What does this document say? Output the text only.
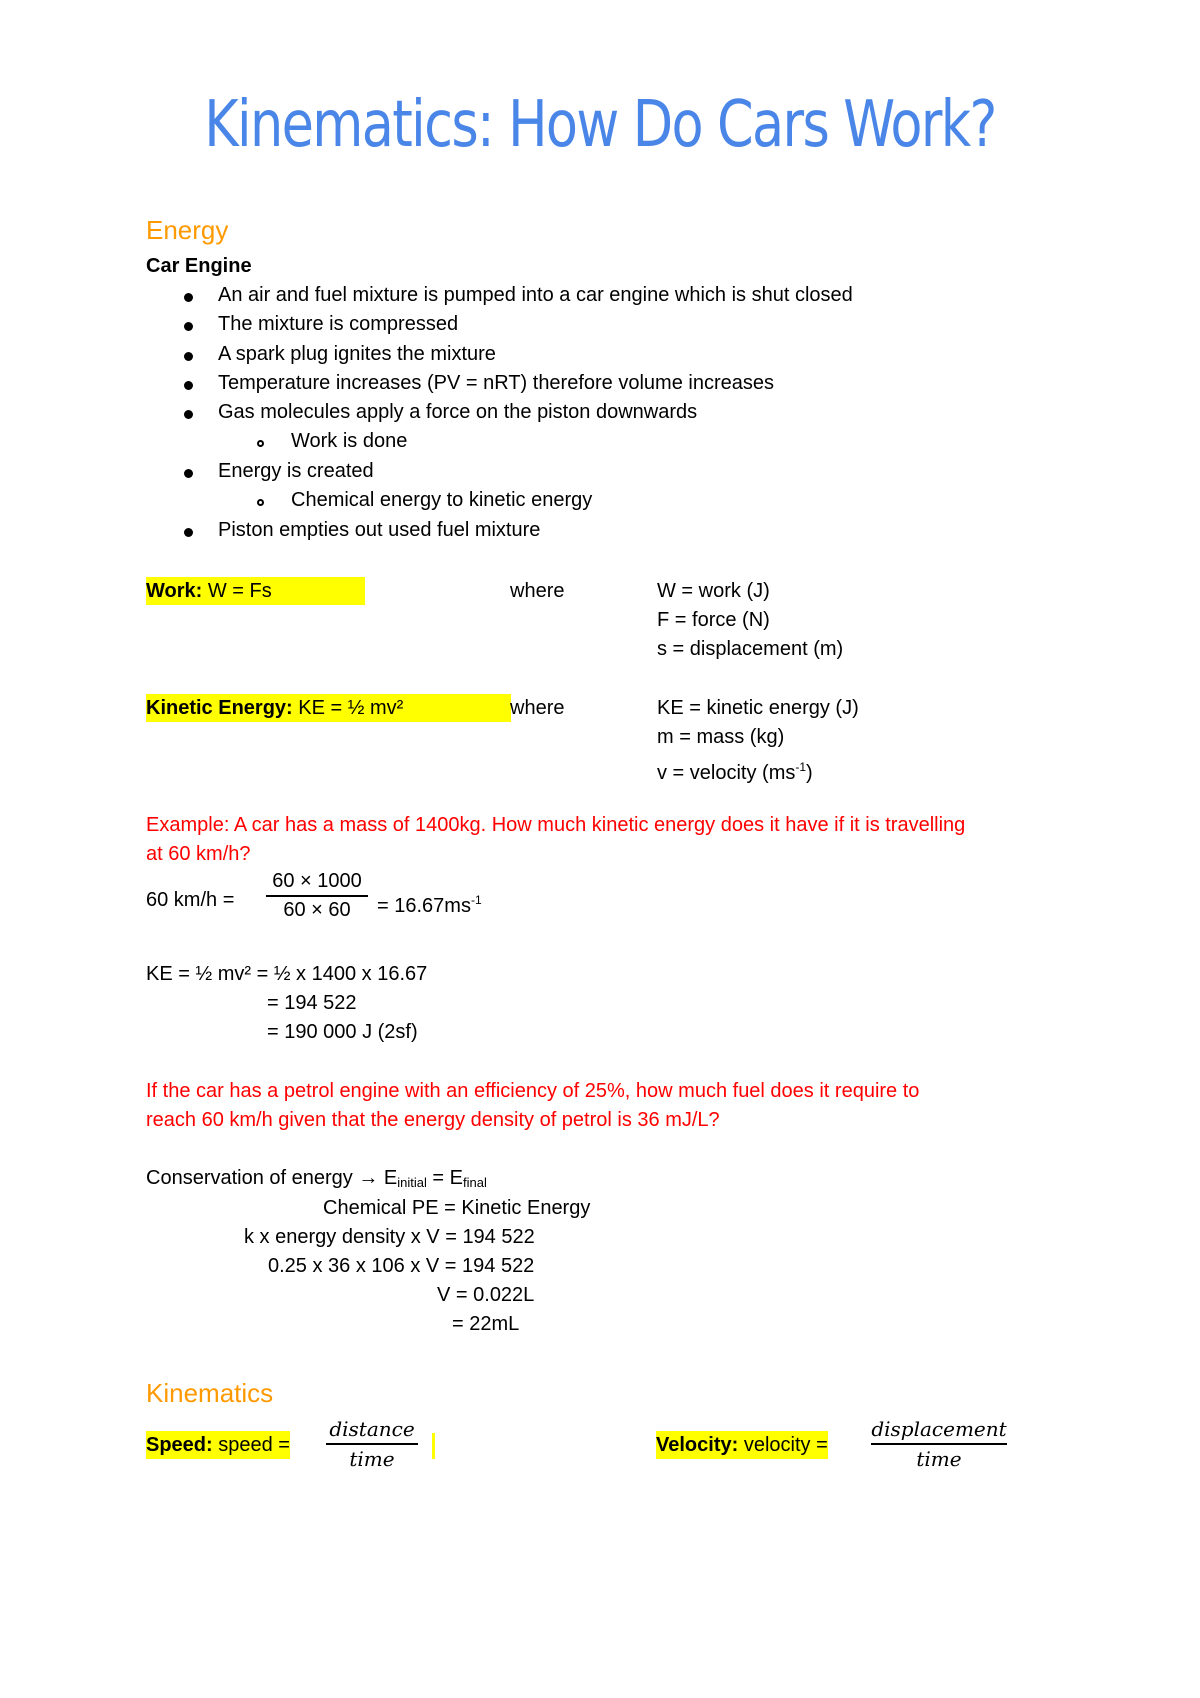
Kinematics: How Do Cars Work?
Energy
Car Engine
An air and fuel mixture is pumped into a car engine which is shut closed
The mixture is compressed
A spark plug ignites the mixture
Temperature increases (PV = nRT) therefore volume increases
Gas molecules apply a force on the piston downwards
Work is done
Energy is created
Chemical energy to kinetic energy
Piston empties out used fuel mixture
Work: W = Fs	where	W = work (J)
F = force (N)
s = displacement (m)
Kinetic Energy: KE = ½ mv²	where	KE = kinetic energy (J)
m = mass (kg)
v = velocity $(ms^{-1})$
Example: A car has a mass of 1400kg. How much kinetic energy does it have if it is travelling
at 60 km/h?
60 km/h =
60 × 1000
60 × 60	= $16.67ms^{-1}$
KE = ½ mv² = ½ x 1400 x 16.67
= 194 522
= 190 000 J (2sf)
If the car has a petrol engine with an efficiency of 25%, how much fuel does it require to
reach 60 km/h given that the energy density of petrol is 36 mJ/L?
Conservation of energy → $E_{initial} = E_{final}$
Chemical PE = Kinetic Energy
k x energy density x V = 194 522
0.25 x 36 x 106 x V = 194 522
V = 0.022L
= 22mL
Kinematics
Speed: speed =
distance
time
Velocity: velocity =
displacement
time
